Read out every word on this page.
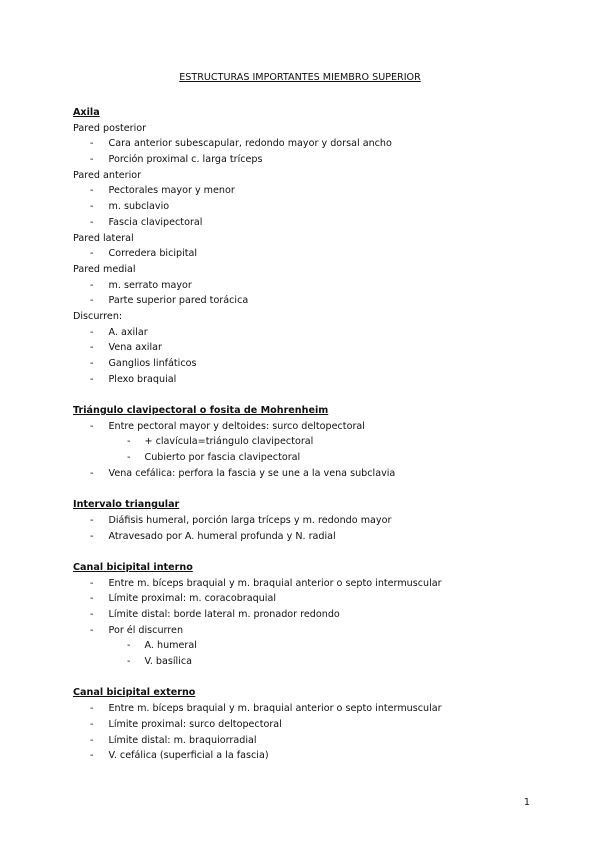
ESTRUCTURAS IMPORTANTES MIEMBRO SUPERIOR
Axila
Pared posterior
- Cara anterior subescapular, redondo mayor y dorsal ancho
- Porción proximal c. larga tríceps
Pared anterior
- Pectorales mayor y menor
- m. subclavio
- Fascia clavipectoral
Pared lateral
- Corredera bicipital
Pared medial
- m. serrato mayor
- Parte superior pared torácica
Discurren:
- A. axilar
- Vena axilar
- Ganglios linfáticos
- Plexo braquial
Triángulo clavipectoral o fosita de Mohrenheim
- Entre pectoral mayor y deltoides: surco deltopectoral
- + clavícula=triángulo clavipectoral
- Cubierto por fascia clavipectoral
- Vena cefálica: perfora la fascia y se une a la vena subclavia
Intervalo triangular
- Diáfisis humeral, porción larga tríceps y m. redondo mayor
- Atravesado por A. humeral profunda y N. radial
Canal bicipital interno
- Entre m. bíceps braquial y m. braquial anterior o septo intermuscular
- Límite proximal: m. coracobraquial
- Límite distal: borde lateral m. pronador redondo
- Por él discurren
- A. humeral
- V. basílica
Canal bicipital externo
- Entre m. bíceps braquial y m. braquial anterior o septo intermuscular
- Límite proximal: surco deltopectoral
- Límite distal: m. braquiorradial
- V. cefálica (superficial a la fascia)
1
